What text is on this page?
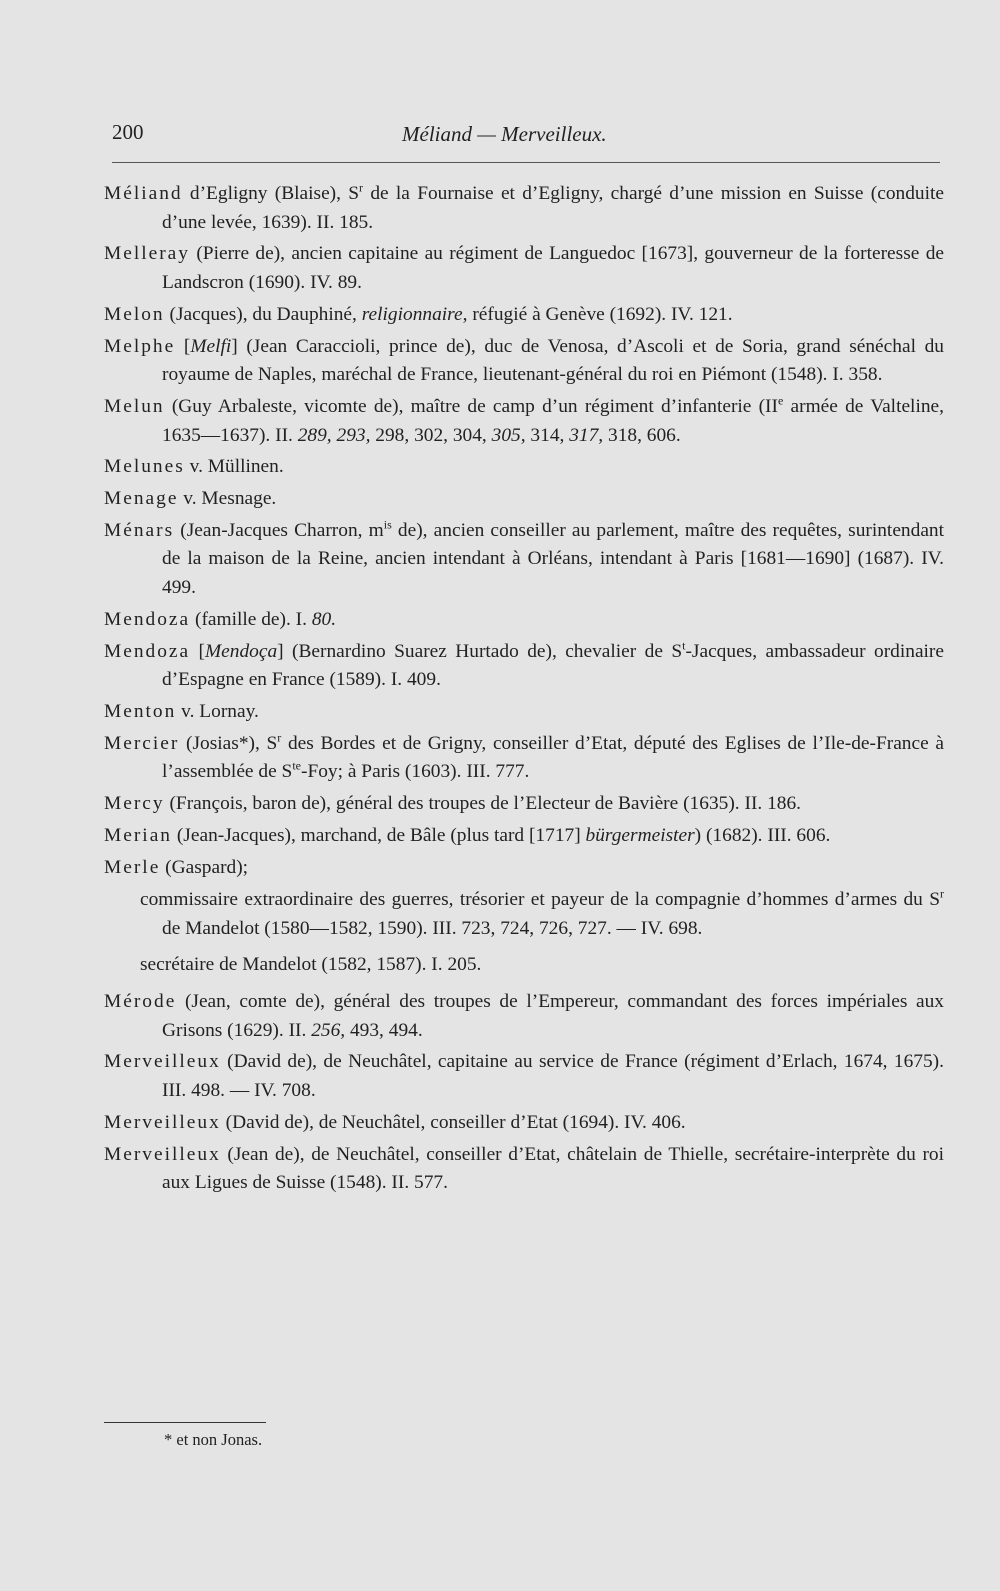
200	Méliand — Merveilleux.

Méliand d’Egligny (Blaise), $S^r$ de la Fournaise et d’Egligny, chargé d’une mission en Suisse (conduite d’une levée, 1639). II. 185.

Melleray (Pierre de), ancien capitaine au régiment de Languedoc [1673], gouverneur de la forteresse de Landscron (1690). IV. 89.

Melon (Jacques), du Dauphiné, religionnaire, réfugié à Genève (1692). IV. 121.

Melphe [Melfi] (Jean Caraccioli, prince de), duc de Venosa, d’Ascoli et de Soria, grand sénéchal du royaume de Naples, maréchal de France, lieutenant-général du roi en Piémont (1548). I. 358.

Melun (Guy Arbaleste, vicomte de), maître de camp d’un régiment d’infanterie (IIe armée de Valteline, 1635—1637). II. 289, 293, 298, 302, 304, 305, 314, 317, 318, 606.

Melunes v. Müllinen.

Menage v. Mesnage.

Ménars (Jean-Jacques Charron, $m^{is}$ de), ancien conseiller au parlement, maître des requêtes, surintendant de la maison de la Reine, ancien intendant à Orléans, intendant à Paris [1681—1690] (1687). IV. 499.

Mendoza (famille de). I. 80.

Mendoza [Mendoça] (Bernardino Suarez Hurtado de), chevalier de $S^t$-Jacques, ambassadeur ordinaire d’Espagne en France (1589). I. 409.

Menton v. Lornay.

Mercier (Josias*), $S^r$ des Bordes et de Grigny, conseiller d’Etat, député des Eglises de l’Ile-de-France à l’assemblée de $S^{te}$-Foy; à Paris (1603). III. 777.

Mercy (François, baron de), général des troupes de l’Electeur de Bavière (1635). II. 186.

Merian (Jean-Jacques), marchand, de Bâle (plus tard [1717] bürgermeister) (1682). III. 606.

Merle (Gaspard);

commissaire extraordinaire des guerres, trésorier et payeur de la compagnie d’hommes d’armes du $S^r$ de Mandelot (1580—1582, 1590). III. 723, 724, 726, 727. — IV. 698.

secrétaire de Mandelot (1582, 1587). I. 205.

Mérode (Jean, comte de), général des troupes de l’Empereur, commandant des forces impériales aux Grisons (1629). II. 256, 493, 494.

Merveilleux (David de), de Neuchâtel, capitaine au service de France (régiment d’Erlach, 1674, 1675). III. 498. — IV. 708.

Merveilleux (David de), de Neuchâtel, conseiller d’Etat (1694). IV. 406.

Merveilleux (Jean de), de Neuchâtel, conseiller d’Etat, châtelain de Thielle, secrétaire-interprète du roi aux Ligues de Suisse (1548). II. 577.

* et non Jonas.
